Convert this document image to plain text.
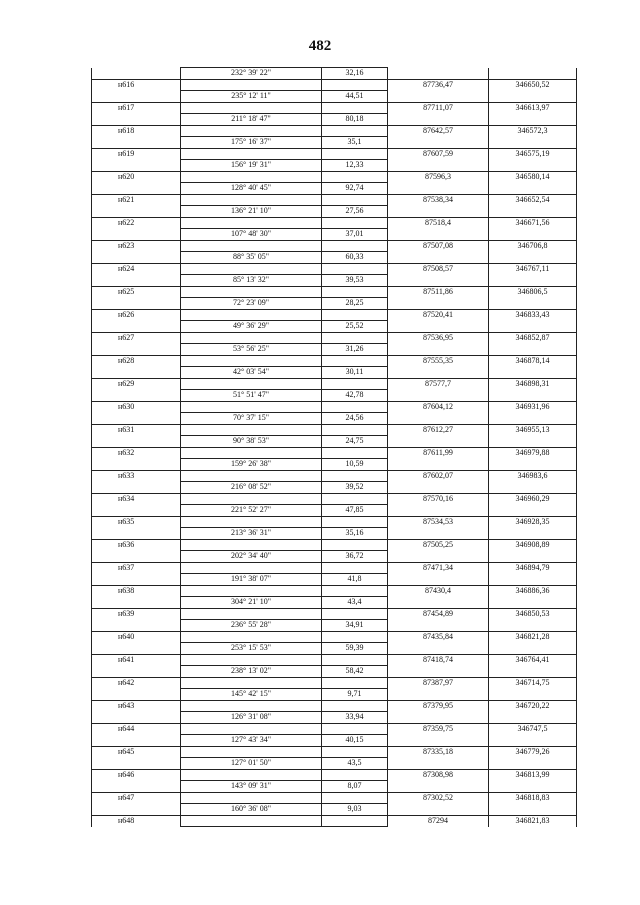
482
	232° 39' 22"	32,16		
н616			87736,47	346650,52
	235° 12' 11"	44,51		
н617			87711,07	346613,97
	211° 18' 47"	80,18		
н618			87642,57	346572,3
	175° 16' 37"	35,1		
н619			87607,59	346575,19
	156° 19' 31"	12,33		
н620			87596,3	346580,14
	128° 40' 45"	92,74		
н621			87538,34	346652,54
	136° 21' 10"	27,56		
н622			87518,4	346671,56
	107° 48' 30"	37,01		
н623			87507,08	346706,8
	88° 35' 05"	60,33		
н624			87508,57	346767,11
	85° 13' 32"	39,53		
н625			87511,86	346806,5
	72° 23' 09"	28,25		
н626			87520,41	346833,43
	49° 36' 29"	25,52		
н627			87536,95	346852,87
	53° 56' 25"	31,26		
н628			87555,35	346878,14
	42° 03' 54"	30,11		
н629			87577,7	346898,31
	51° 51' 47"	42,78		
н630			87604,12	346931,96
	70° 37' 15"	24,56		
н631			87612,27	346955,13
	90° 38' 53"	24,75		
н632			87611,99	346979,88
	159° 26' 38"	10,59		
н633			87602,07	346983,6
	216° 08' 52"	39,52		
н634			87570,16	346960,29
	221° 52' 27"	47,85		
н635			87534,53	346928,35
	213° 36' 31"	35,16		
н636			87505,25	346908,89
	202° 34' 40"	36,72		
н637			87471,34	346894,79
	191° 38' 07"	41,8		
н638			87430,4	346886,36
	304° 21' 10"	43,4		
н639			87454,89	346850,53
	236° 55' 28"	34,91		
н640			87435,84	346821,28
	253° 15' 53"	59,39		
н641			87418,74	346764,41
	238° 13' 02"	58,42		
н642			87387,97	346714,75
	145° 42' 15"	9,71		
н643			87379,95	346720,22
	126° 31' 08"	33,94		
н644			87359,75	346747,5
	127° 43' 34"	40,15		
н645			87335,18	346779,26
	127° 01' 50"	43,5		
н646			87308,98	346813,99
	143° 09' 31"	8,07		
н647			87302,52	346818,83
	160° 36' 08"	9,03		
н648			87294	346821,83
